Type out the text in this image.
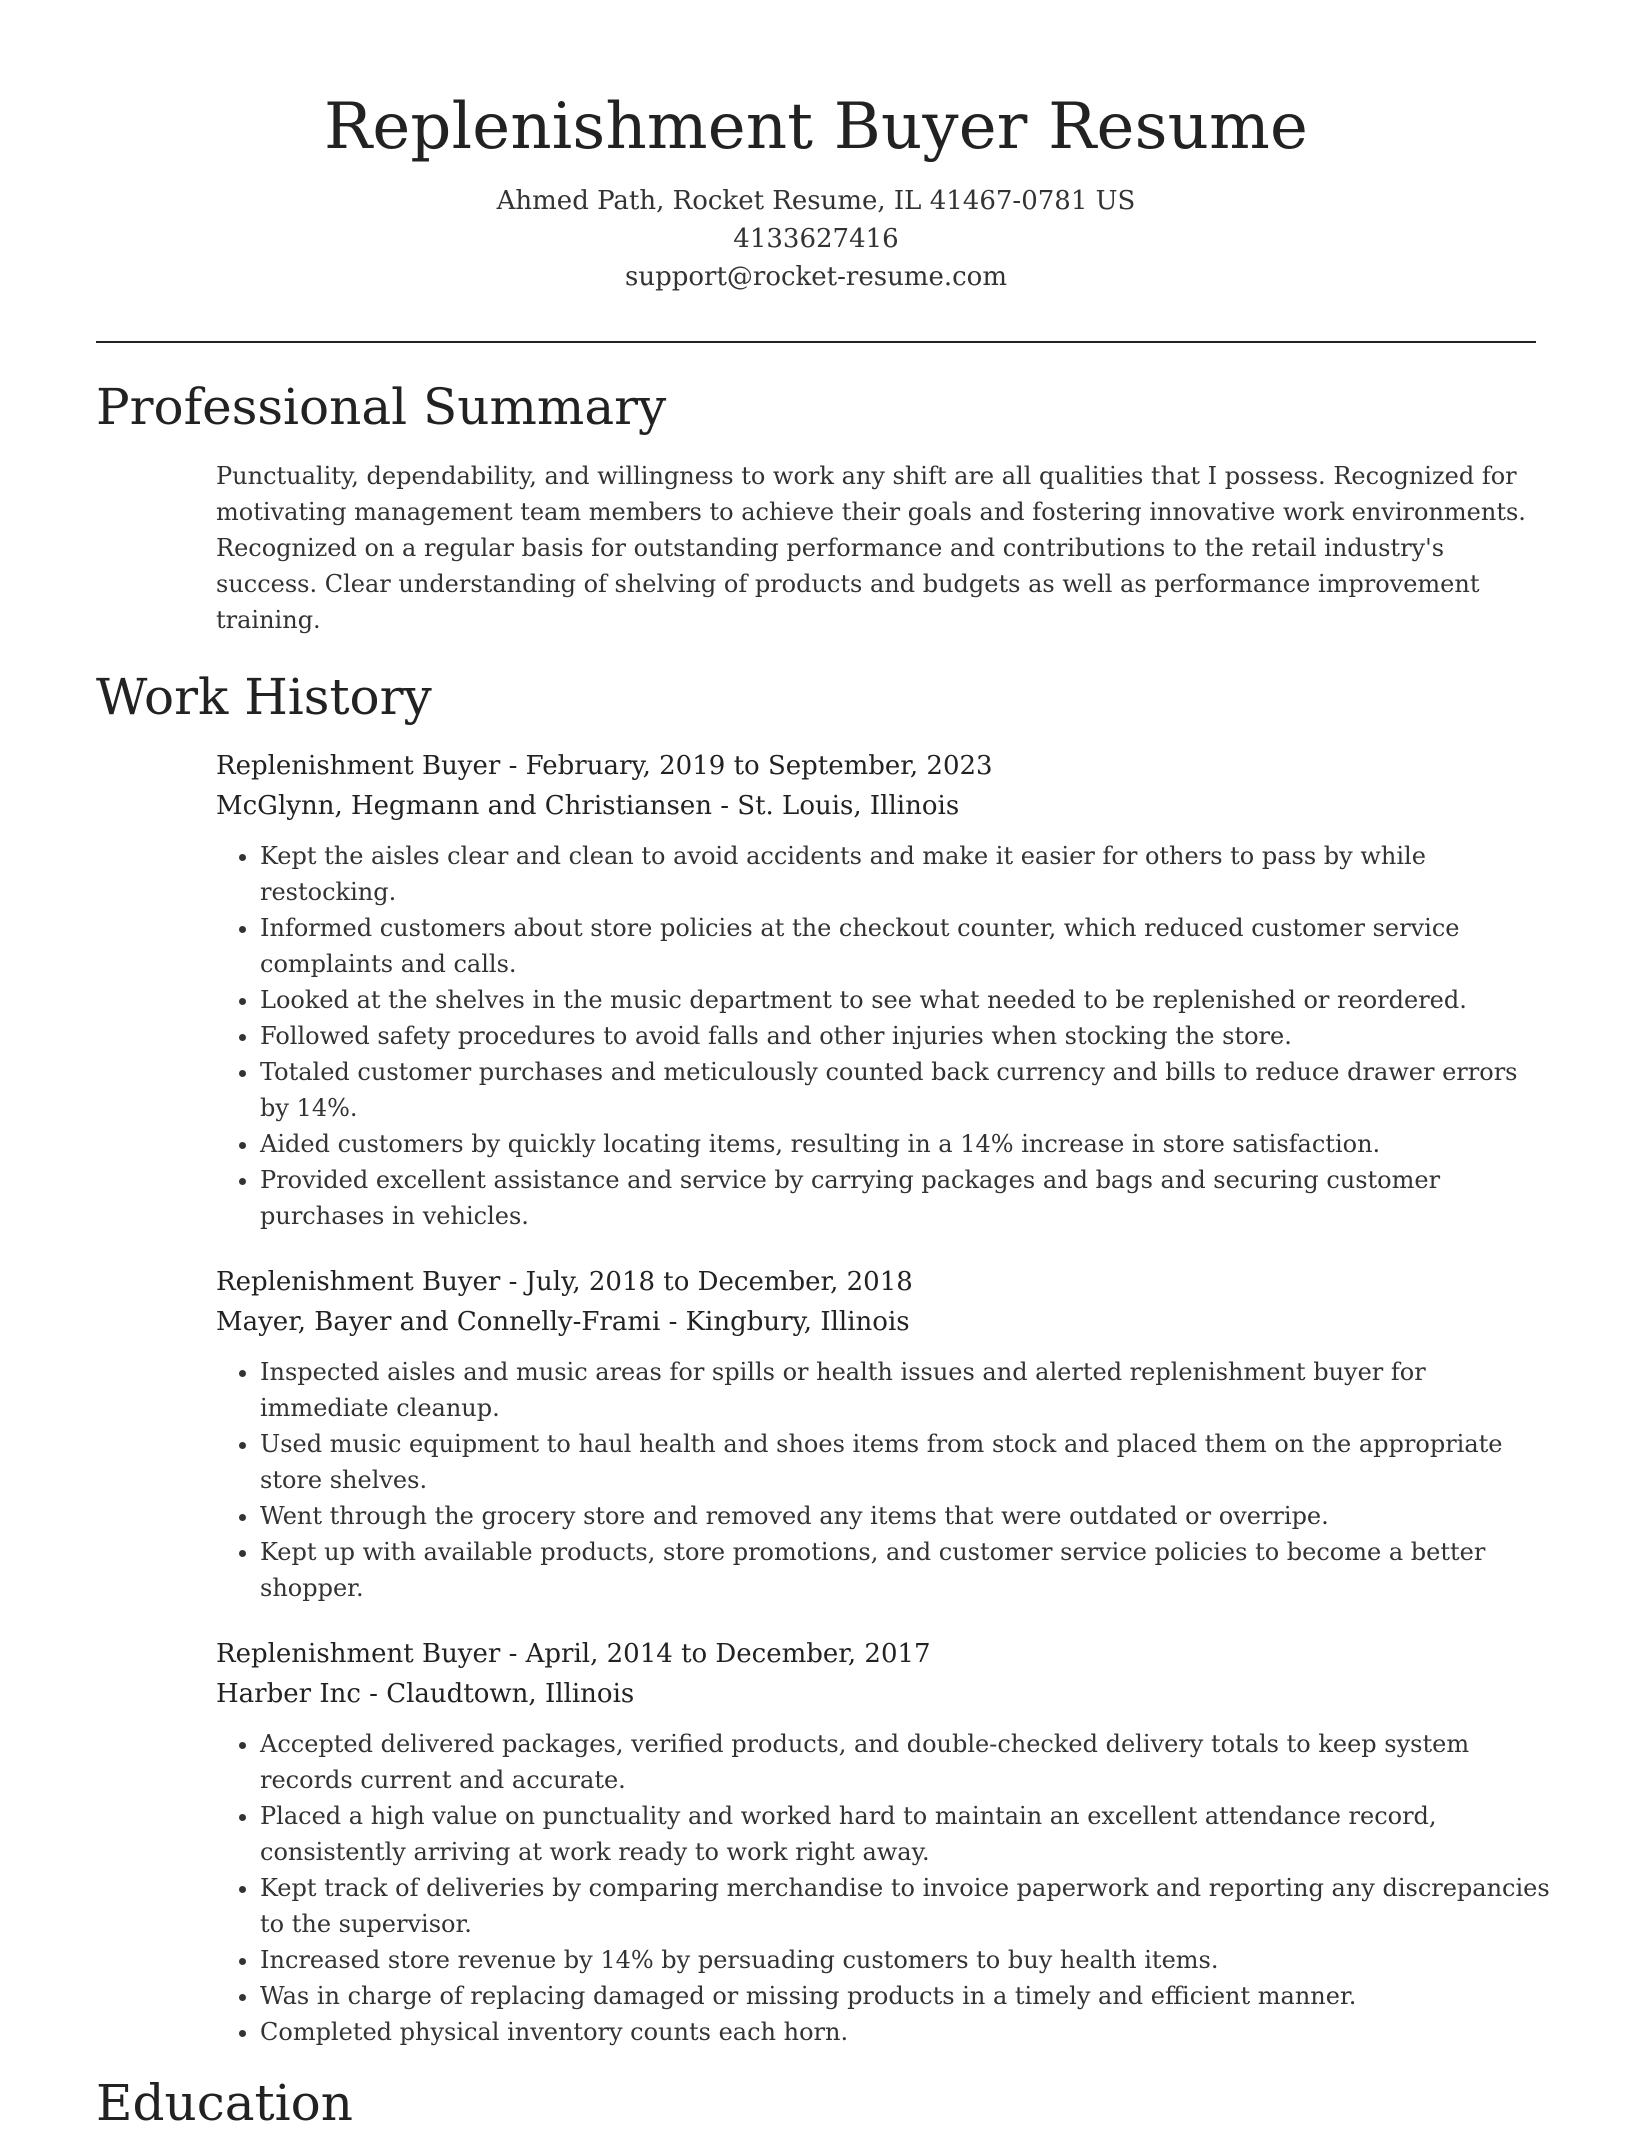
Replenishment Buyer Resume
Ahmed Path, Rocket Resume, IL 41467-0781 US
4133627416
support@rocket-resume.com
Professional Summary

Punctuality, dependability, and willingness to work any shift are all qualities that I possess. Recognized for motivating management team members to achieve their goals and fostering innovative work environments. Recognized on a regular basis for outstanding performance and contributions to the retail industry's success. Clear understanding of shelving of products and budgets as well as performance improvement training.

Work History
Replenishment Buyer - February, 2019 to September, 2023
McGlynn, Hegmann and Christiansen - St. Louis, Illinois
• Kept the aisles clear and clean to avoid accidents and make it easier for others to pass by while restocking.
• Informed customers about store policies at the checkout counter, which reduced customer service complaints and calls.
• Looked at the shelves in the music department to see what needed to be replenished or reordered.
• Followed safety procedures to avoid falls and other injuries when stocking the store.
• Totaled customer purchases and meticulously counted back currency and bills to reduce drawer errors by 14%.
• Aided customers by quickly locating items, resulting in a 14% increase in store satisfaction.
• Provided excellent assistance and service by carrying packages and bags and securing customer purchases in vehicles.
Replenishment Buyer - July, 2018 to December, 2018
Mayer, Bayer and Connelly-Frami - Kingbury, Illinois
• Inspected aisles and music areas for spills or health issues and alerted replenishment buyer for immediate cleanup.
• Used music equipment to haul health and shoes items from stock and placed them on the appropriate store shelves.
• Went through the grocery store and removed any items that were outdated or overripe.
• Kept up with available products, store promotions, and customer service policies to become a better shopper.
Replenishment Buyer - April, 2014 to December, 2017
Harber Inc - Claudtown, Illinois
• Accepted delivered packages, verified products, and double-checked delivery totals to keep system records current and accurate.
• Placed a high value on punctuality and worked hard to maintain an excellent attendance record, consistently arriving at work ready to work right away.
• Kept track of deliveries by comparing merchandise to invoice paperwork and reporting any discrepancies to the supervisor.
• Increased store revenue by 14% by persuading customers to buy health items.
• Was in charge of replacing damaged or missing products in a timely and efficient manner.
• Completed physical inventory counts each horn.
Education
